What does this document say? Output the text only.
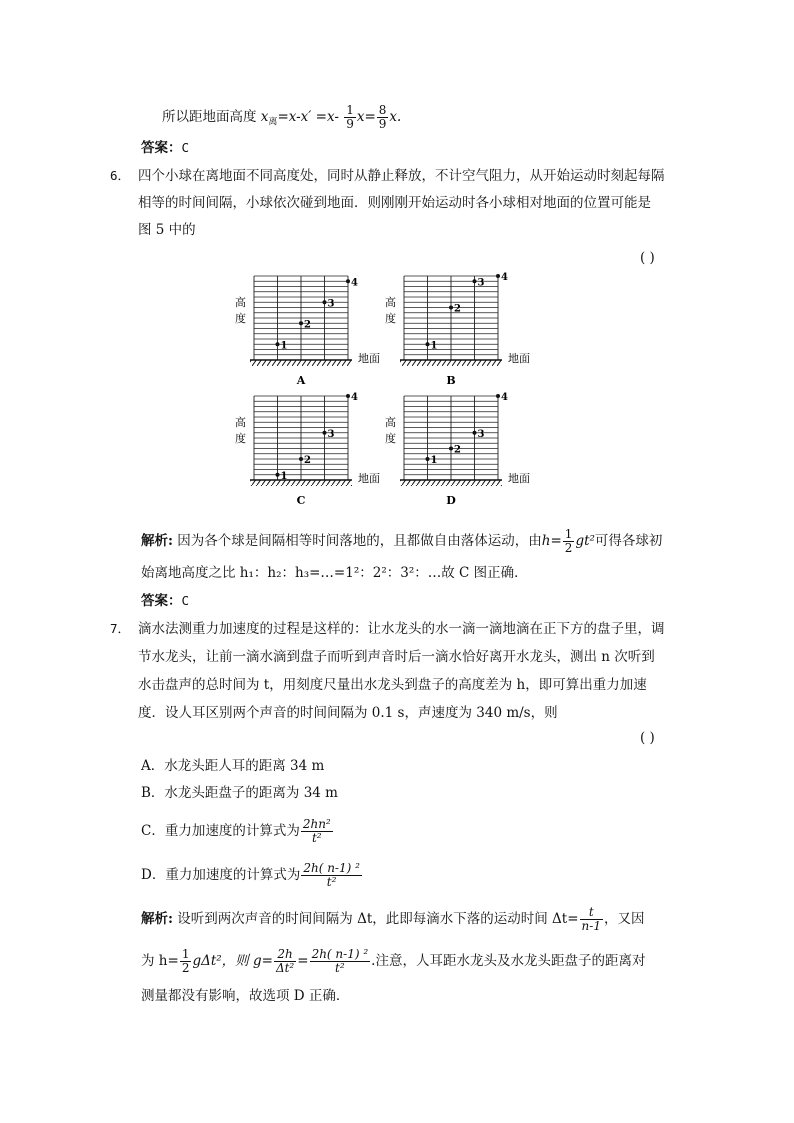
所以距地面高度 $x_离=x-x' =x- \frac{1}{9} x= \frac{8}{9} x$.
答案：C
6． 四个小球在离地面不同高度处，同时从静止释放，不计空气阻力，从开始运动时刻起每隔
相等的时间间隔，小球依次碰到地面．则刚刚开始运动时各小球相对地面的位置可能是
图 5 中的
( )
高
度
地面
A
1
2
3
4
高
度
地面
B
1
2
3 4
高
度
地面
C
1
2
3
4
高
度
地面
D
1
2
3
4
解析: 因为各个球是间隔相等时间落地的，且都做自由落体运动，由$h= \frac{1}{2} gt^2$可得各球初
始离地高度之比 h₁：h₂：h₃=…=1²：2²：3²：…故 C 图正确．
答案：C
7． 滴水法测重力加速度的过程是这样的：让水龙头的水一滴一滴地滴在正下方的盘子里，调
节水龙头，让前一滴水滴到盘子而听到声音时后一滴水恰好离开水龙头，测出 n 次听到
水击盘声的总时间为 t，用刻度尺量出水龙头到盘子的高度差为 h，即可算出重力加速
度．设人耳区别两个声音的时间间隔为 0.1 s，声速度为 340 m/s，则
( )
A．水龙头距人耳的距离 34 m
B．水龙头距盘子的距离为 34 m
C．重力加速度的计算式为 $\frac{\text{2hn²}}{\text{t²}}$
D．重力加速度的计算式为 $\frac{\text{2h( n-1) ²}}{\text{t²}}$
解析: 设听到两次声音的时间间隔为 Δt，此即每滴水下落的运动时间 $\Delta t= \frac{t}{n-1}$ ，又因
为 $h= \frac{1}{2} g\Delta t^2$，则 $g= \frac{2h}{\text{Δt²}} = \frac{\text{2h( n-1) ²}}{\text{t²}}$ .注意，人耳距水龙头及水龙头距盘子的距离对
测量都没有影响，故选项 D 正确．
